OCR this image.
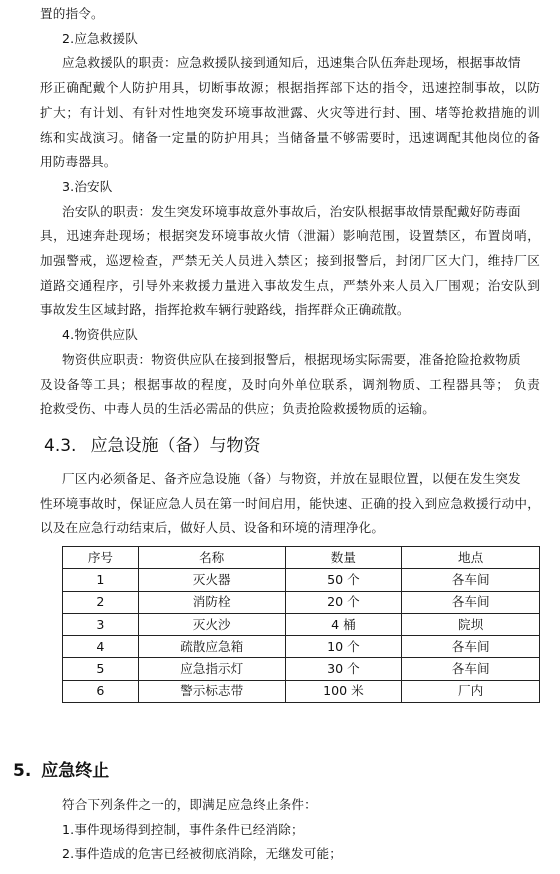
置的指令。
2.应急救援队
应急救援队的职责：应急救援队接到通知后，迅速集合队伍奔赴现场，根据事故情
形正确配戴个人防护用具，切断事故源；根据指挥部下达的指令，迅速控制事故，以防
扩大；有计划、有针对性地突发环境事故泄露、火灾等进行封、围、堵等抢救措施的训
练和实战演习。储备一定量的防护用具；当储备量不够需要时，迅速调配其他岗位的备
用防毒器具。
3.治安队
治安队的职责：发生突发环境事故意外事故后，治安队根据事故情景配戴好防毒面
具，迅速奔赴现场；根据突发环境事故火情（泄漏）影响范围，设置禁区，布置岗哨，
加强警戒，巡逻检查，严禁无关人员进入禁区；接到报警后，封闭厂区大门，维持厂区
道路交通程序，引导外来救援力量进入事故发生点，严禁外来人员入厂围观；治安队到
事故发生区域封路，指挥抢救车辆行驶路线，指挥群众正确疏散。
4.物资供应队
物资供应职责：物资供应队在接到报警后，根据现场实际需要，准备抢险抢救物质
及设备等工具；根据事故的程度，及时向外单位联系，调剂物质、工程器具等； 负责
抢救受伤、中毒人员的生活必需品的供应；负责抢险救援物质的运输。
4.3. 应急设施（备）与物资
厂区内必须备足、备齐应急设施（备）与物资，并放在显眼位置，以便在发生突发
性环境事故时，保证应急人员在第一时间启用，能快速、正确的投入到应急救援行动中，
以及在应急行动结束后，做好人员、设备和环境的清理净化。
序号	名称	数量	地点
1	灭火器	50 个	各车间
2	消防栓	20 个	各车间
3	灭火沙	4 桶	院坝
4	疏散应急箱	10 个	各车间
5	应急指示灯	30 个	各车间
6	警示标志带	100 米	厂内
5. 应急终止
符合下列条件之一的，即满足应急终止条件：
1.事件现场得到控制，事件条件已经消除；
2.事件造成的危害已经被彻底消除，无继发可能；
